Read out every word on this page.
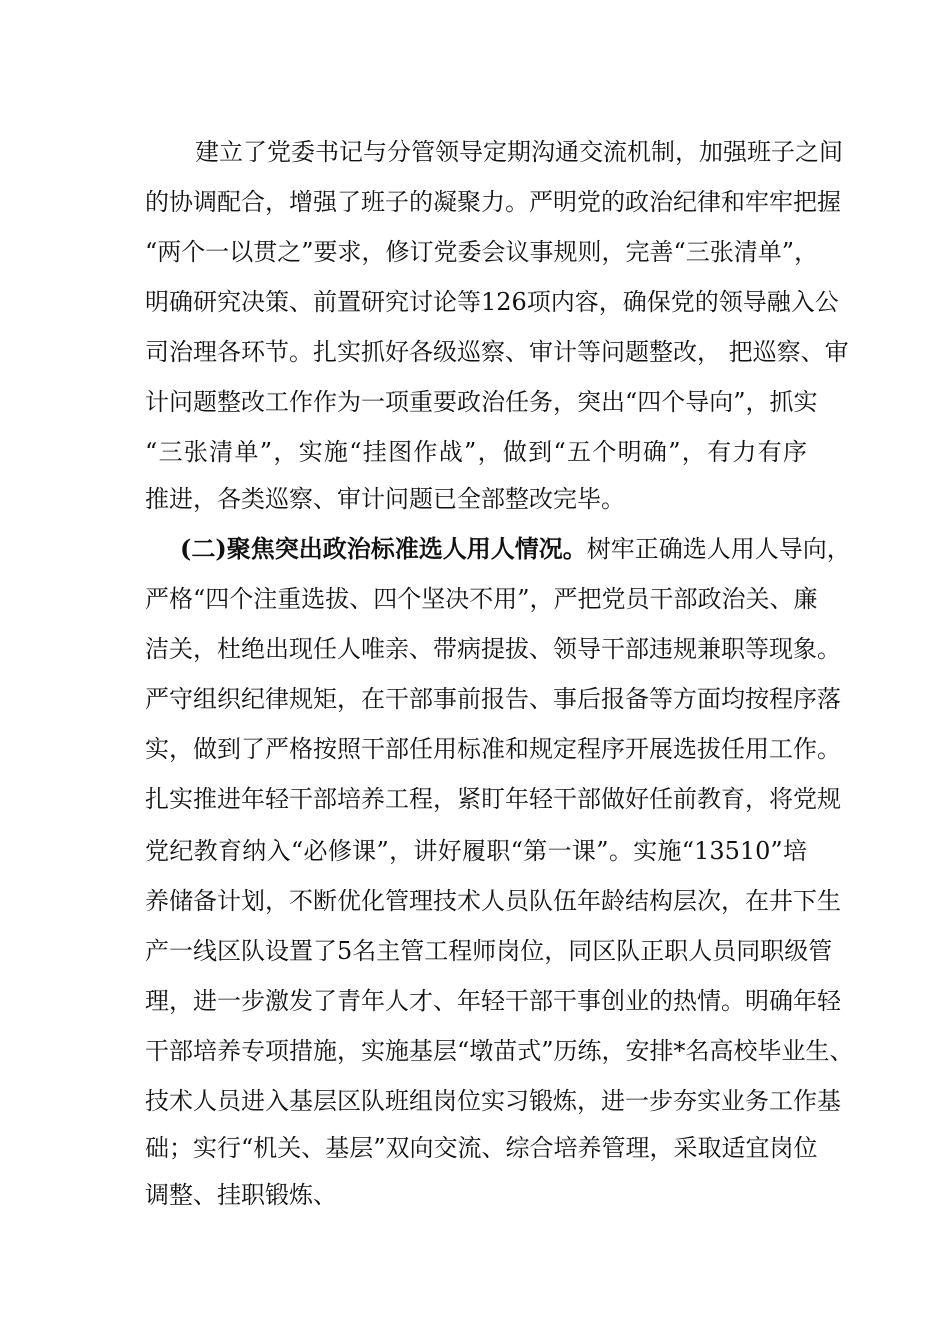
建立了党委书记与分管领导定期沟通交流机制，加强班子之间
的协调配合，增强了班子的凝聚力。严明党的政治纪律和牢牢把握
“两个一以贯之”要求，修订党委会议事规则，完善“三张清单”，
明确研究决策、前置研究讨论等126项内容，确保党的领导融入公
司治理各环节。扎实抓好各级巡察、审计等问题整改， 把巡察、审
计问题整改工作作为一项重要政治任务，突出“四个导向”，抓实
“三张清单”，实施“挂图作战”，做到“五个明确”，有力有序
推进，各类巡察、审计问题已全部整改完毕。
(二)聚焦突出政治标准选人用人情况。树牢正确选人用人导向，
严格“四个注重选拔、四个坚决不用”，严把党员干部政治关、廉
洁关，杜绝出现任人唯亲、带病提拔、领导干部违规兼职等现象。
严守组织纪律规矩，在干部事前报告、事后报备等方面均按程序落
实，做到了严格按照干部任用标准和规定程序开展选拔任用工作。
扎实推进年轻干部培养工程，紧盯年轻干部做好任前教育，将党规
党纪教育纳入“必修课”，讲好履职“第一课”。实施“13510”培
养储备计划，不断优化管理技术人员队伍年龄结构层次，在井下生
产一线区队设置了5名主管工程师岗位，同区队正职人员同职级管
理，进一步激发了青年人才、年轻干部干事创业的热情。明确年轻
干部培养专项措施，实施基层“墩苗式”历练，安排*名高校毕业生、
技术人员进入基层区队班组岗位实习锻炼，进一步夯实业务工作基
础；实行“机关、基层”双向交流、综合培养管理，采取适宜岗位
调整、挂职锻炼、
